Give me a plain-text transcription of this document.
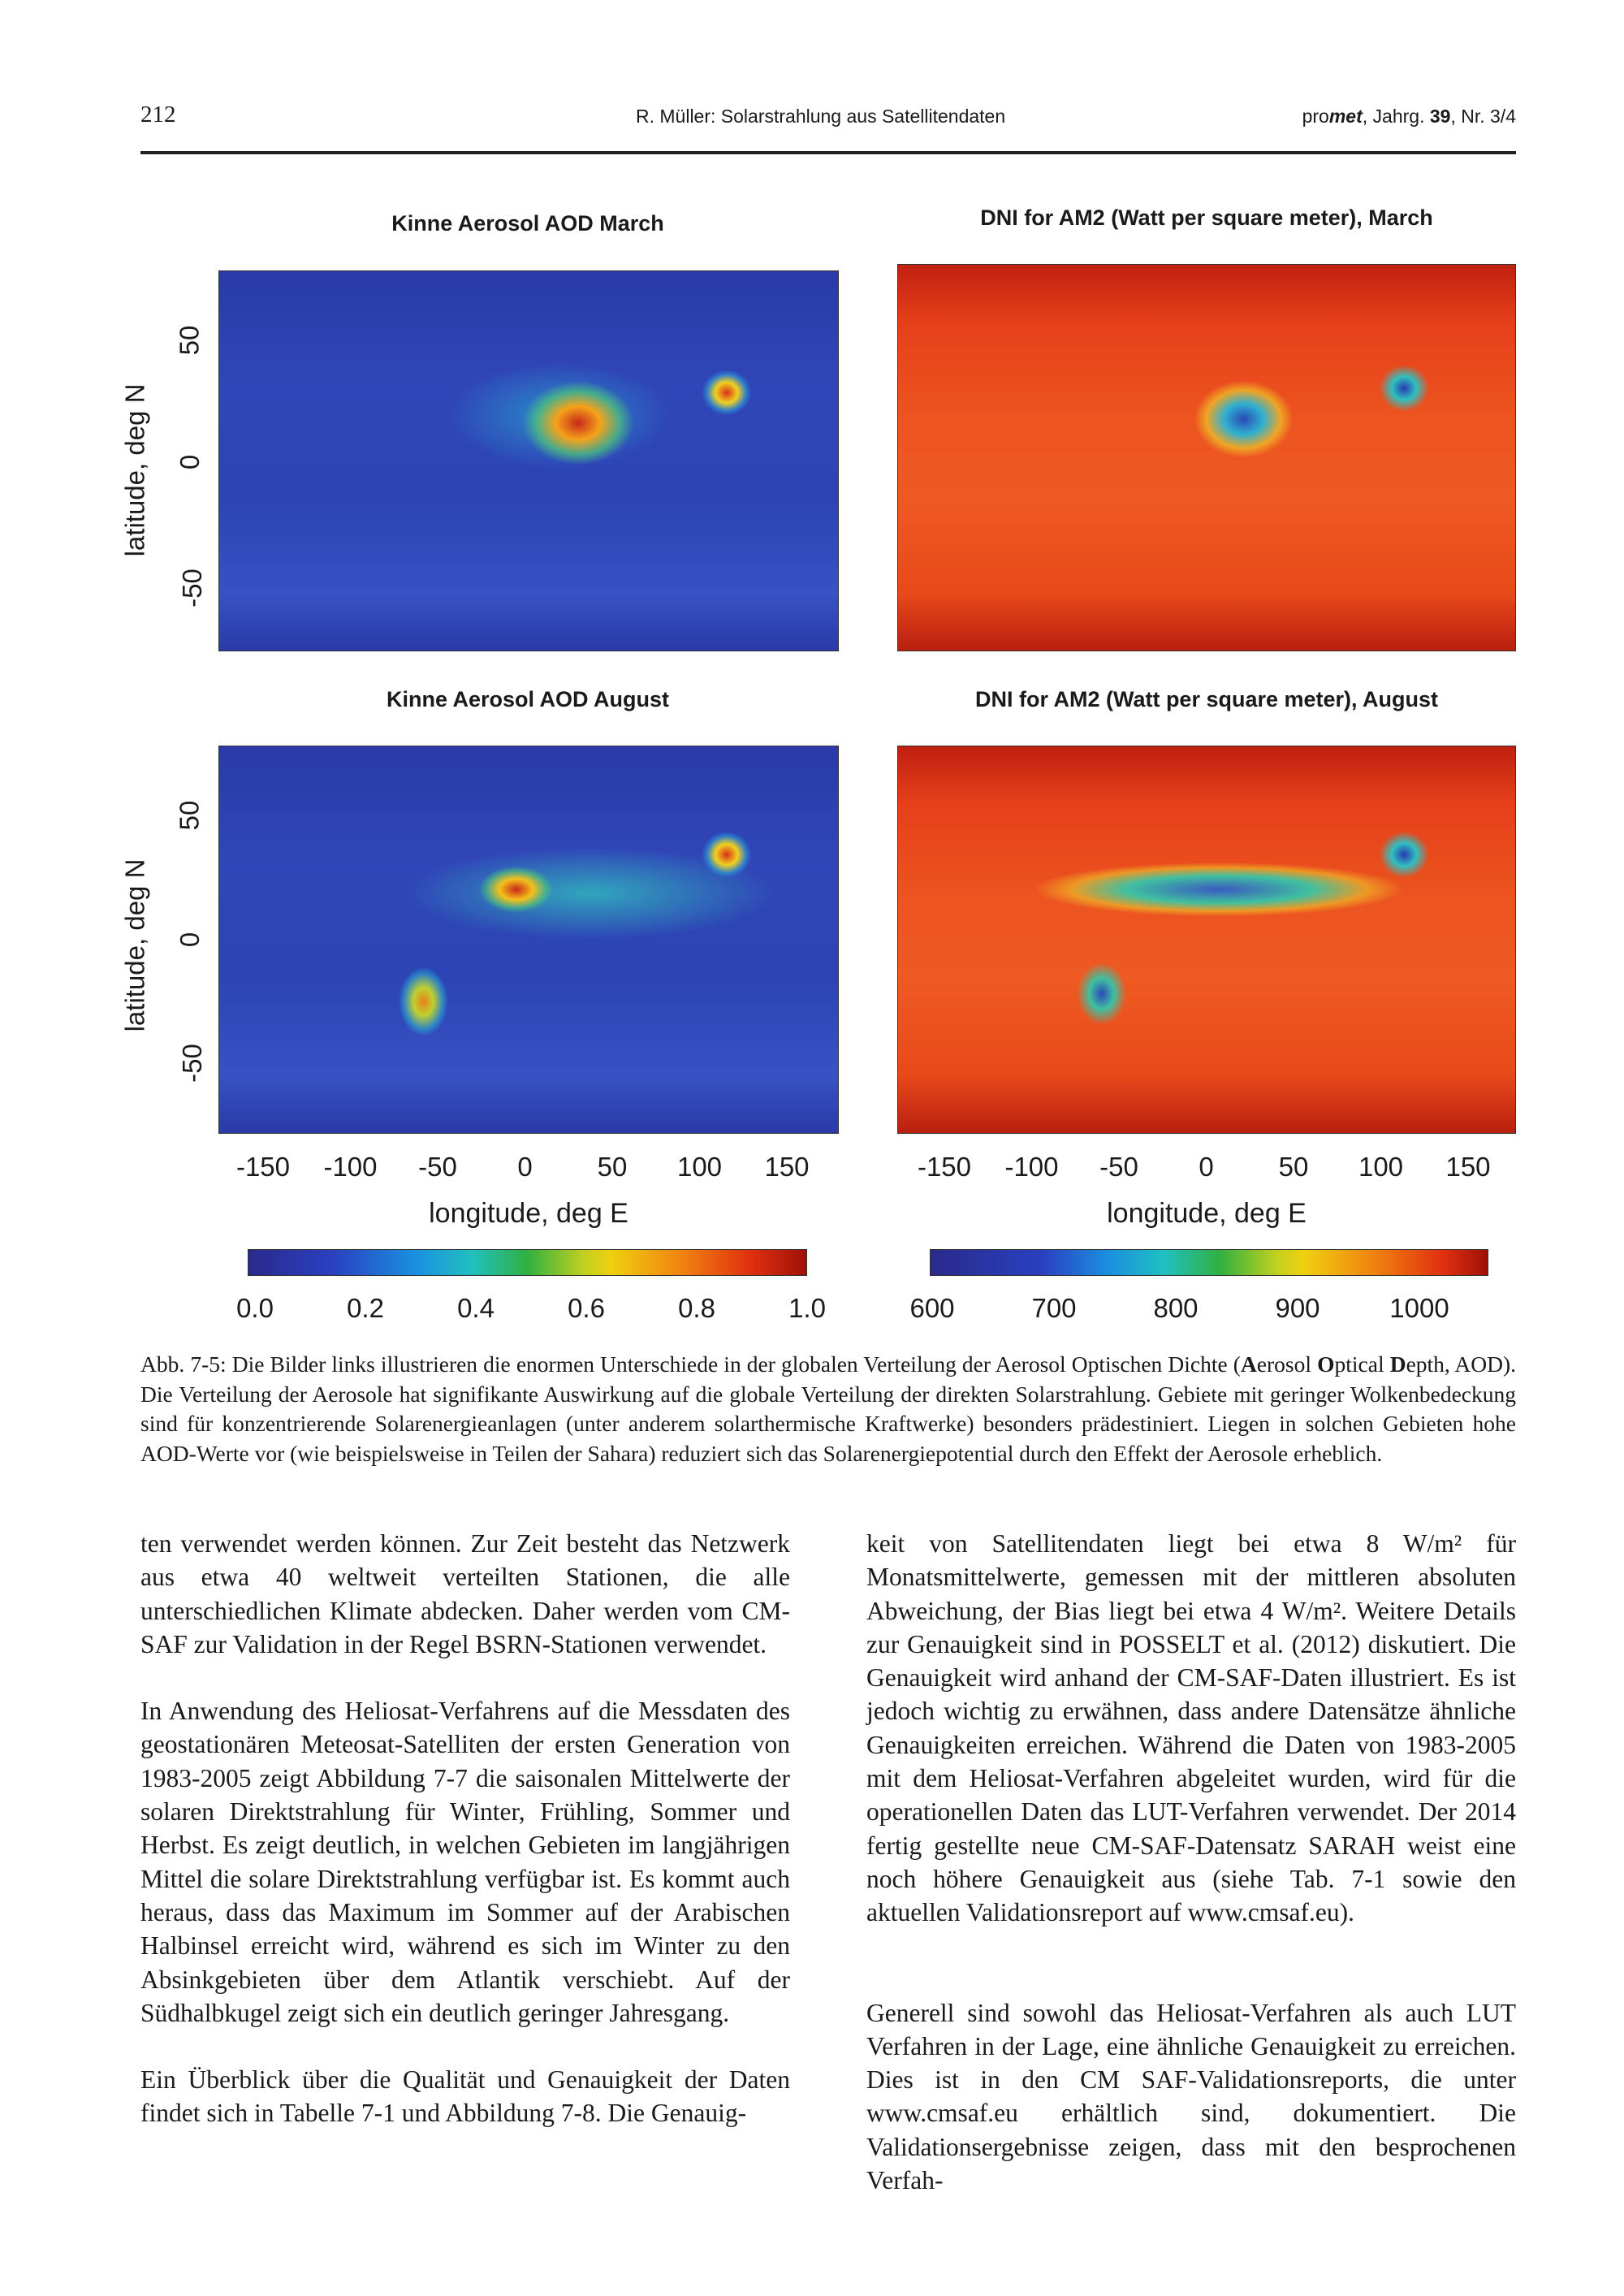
212	R. Müller: Solarstrahlung aus Satellitendaten	promet, Jahrg. 39, Nr. 3/4
Kinne Aerosol AOD March	DNI for AM2 (Watt per square meter), March
Kinne Aerosol AOD August	DNI for AM2 (Watt per square meter), August
latitude, deg N
latitude, deg N
50
0
-50
50
0
-50
-150 -100 -50 0 50 100 150	-150 -100 -50 0 50 100 150
longitude, deg E	longitude, deg E
0.0	0.2	0.4	0.6	0.8	1.0	600	700	800	900	1000
Abb. 7-5: Die Bilder links illustrieren die enormen Unterschiede in der globalen Verteilung der Aerosol Optischen Dichte (Aerosol Optical Depth, AOD). Die Verteilung der Aerosole hat signifikante Auswirkung auf die globale Verteilung der direkten Solarstrahlung. Gebiete mit geringer Wolkenbedeckung sind für konzentrierende Solarenergieanlagen (unter anderem solarthermische Kraftwerke) besonders prädestiniert. Liegen in solchen Gebieten hohe AOD-Werte vor (wie beispielsweise in Teilen der Sahara) reduziert sich das Solarenergiepotential durch den Effekt der Aerosole erheblich.

ten verwendet werden können. Zur Zeit besteht das Netzwerk aus etwa 40 weltweit verteilten Stationen, die alle unterschiedlichen Klimate abdecken. Daher werden vom CM-SAF zur Validation in der Regel BSRN-Stationen verwendet.

In Anwendung des Heliosat-Verfahrens auf die Messdaten des geostationären Meteosat-Satelliten der ersten Generation von 1983-2005 zeigt Abbildung 7-7 die saisonalen Mittelwerte der solaren Direktstrahlung für Winter, Frühling, Sommer und Herbst. Es zeigt deutlich, in welchen Gebieten im langjährigen Mittel die solare Direktstrahlung verfügbar ist. Es kommt auch heraus, dass das Maximum im Sommer auf der Arabischen Halbinsel erreicht wird, während es sich im Winter zu den Absinkgebieten über dem Atlantik verschiebt. Auf der Südhalbkugel zeigt sich ein deutlich geringer Jahresgang.

Ein Überblick über die Qualität und Genauigkeit der Daten findet sich in Tabelle 7-1 und Abbildung 7-8. Die Genauig-

keit von Satellitendaten liegt bei etwa 8 W/m² für Monatsmittelwerte, gemessen mit der mittleren absoluten Abweichung, der Bias liegt bei etwa 4 W/m². Weitere Details zur Genauigkeit sind in POSSELT et al. (2012) diskutiert. Die Genauigkeit wird anhand der CM-SAF-Daten illustriert. Es ist jedoch wichtig zu erwähnen, dass andere Datensätze ähnliche Genauigkeiten erreichen. Während die Daten von 1983-2005 mit dem Heliosat-Verfahren abgeleitet wurden, wird für die operationellen Daten das LUT-Verfahren verwendet. Der 2014 fertig gestellte neue CM-SAF-Datensatz SARAH weist eine noch höhere Genauigkeit aus (siehe Tab. 7-1 sowie den aktuellen Validationsreport auf www.cmsaf.eu).

Generell sind sowohl das Heliosat-Verfahren als auch LUT Verfahren in der Lage, eine ähnliche Genauigkeit zu erreichen. Dies ist in den CM SAF-Validationsreports, die unter www.cmsaf.eu erhältlich sind, dokumentiert. Die Validationsergebnisse zeigen, dass mit den besprochenen Verfah-
